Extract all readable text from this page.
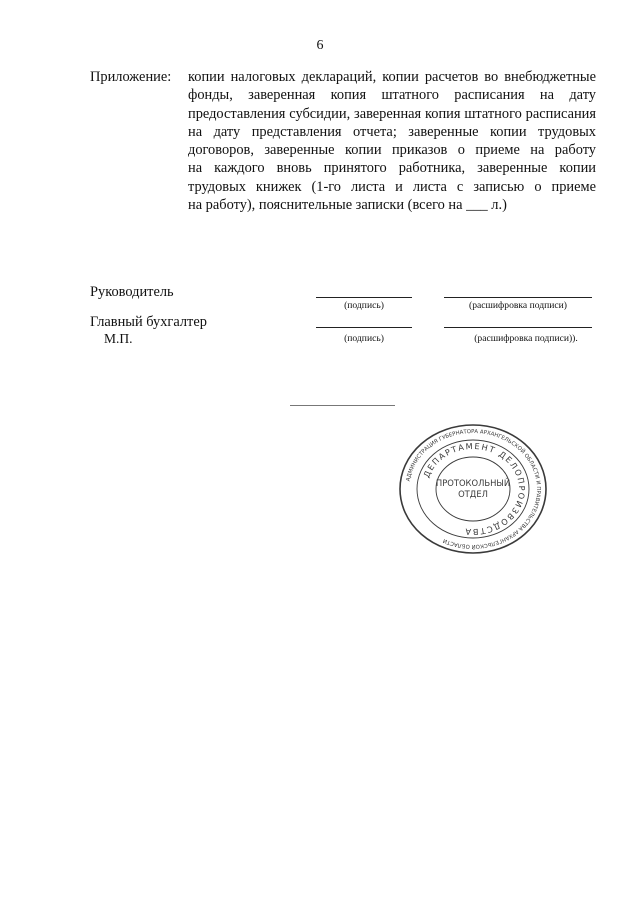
6
Приложение: копии налоговых деклараций, копии расчетов во внебюджетные
фонды, заверенная копия штатного расписания на дату
предоставления субсидии, заверенная копия штатного расписания
на дату представления отчета; заверенные копии трудовых
договоров, заверенные копии приказов о приеме на работу
на каждого вновь принятого работника, заверенные копии
трудовых книжек (1-го листа и листа с записью о приеме
на работу), пояснительные записки (всего на ___ л.)
Руководитель
(подпись)	(расшифровка подписи)
Главный бухгалтер
М.П.	(подпись)	(расшифровка подписи)).
АДМИНИСТРАЦИЯ ГУБЕРНАТОРА АРХАНГЕЛЬСКОЙ ОБЛАСТИ И ПРАВИТЕЛЬСТВА АРХАНГЕЛЬСКОЙ ОБЛАСТИ
ДЕПАРТАМЕНТ ДЕЛОПРОИЗВОДСТВА
ПРОТОКОЛЬНЫЙ
ОТДЕЛ
